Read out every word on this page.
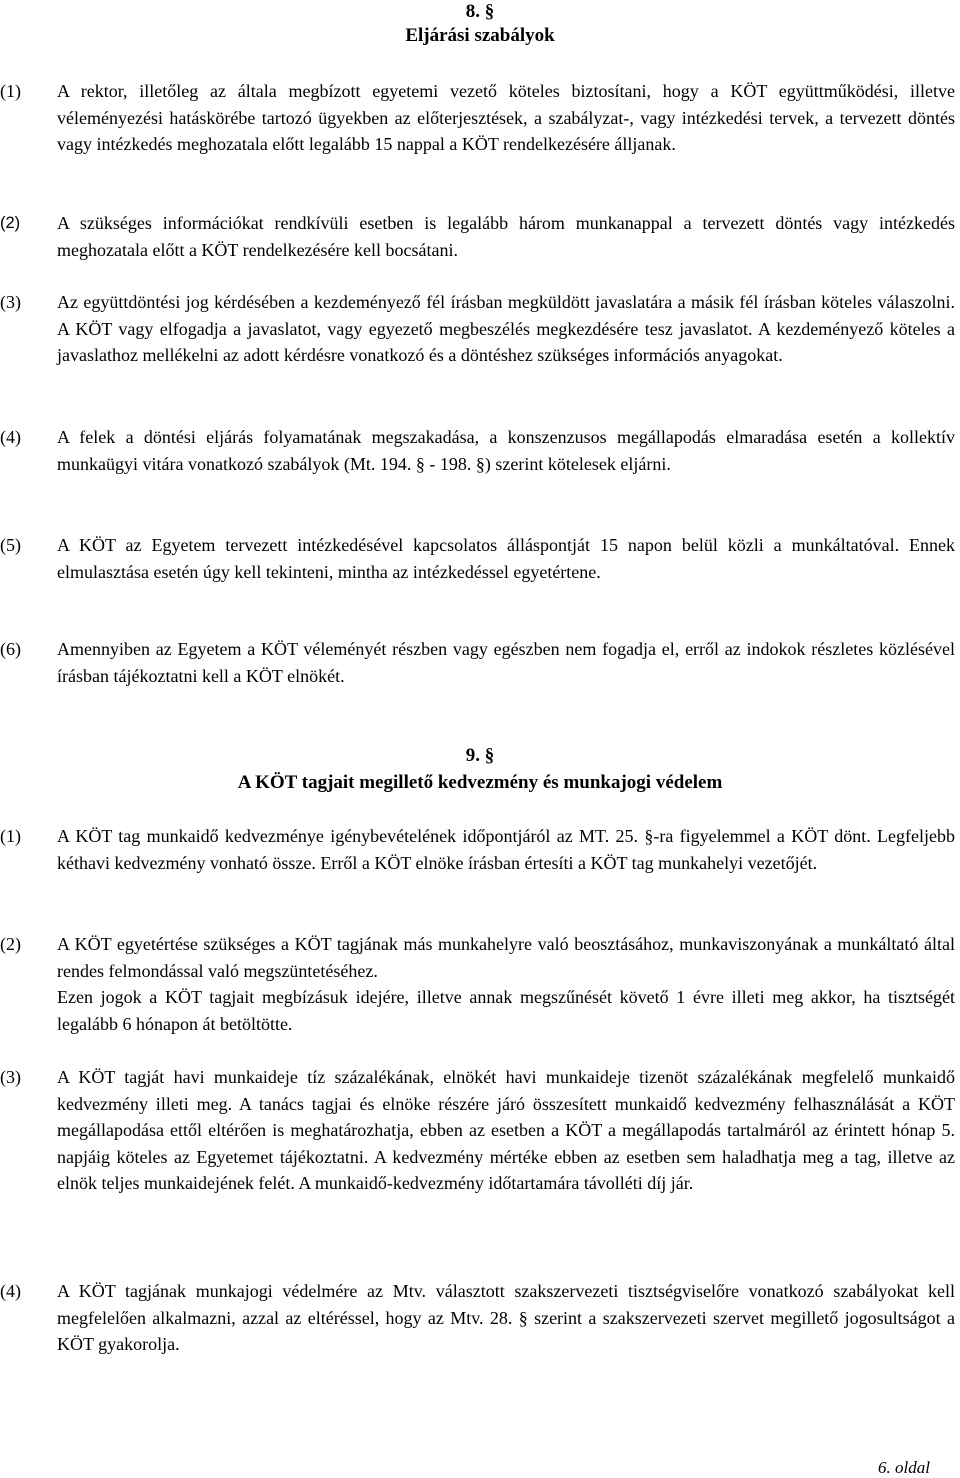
8. §
Eljárási szabályok
(1) A rektor, illetőleg az általa megbízott egyetemi vezető köteles biztosítani, hogy a KÖT együttműködési, illetve véleményezési hatáskörébe tartozó ügyekben az előterjesztések, a szabályzat-, vagy intézkedési tervek, a tervezett döntés vagy intézkedés meghozatala előtt legalább 15 nappal a KÖT rendelkezésére álljanak.

(2) A szükséges információkat rendkívüli esetben is legalább három munkanappal a tervezett döntés vagy intézkedés meghozatala előtt a KÖT rendelkezésére kell bocsátani.

(3) Az együttdöntési jog kérdésében a kezdeményező fél írásban megküldött javaslatára a másik fél írásban köteles válaszolni. A KÖT vagy elfogadja a javaslatot, vagy egyezető megbeszélés megkezdésére tesz javaslatot. A kezdeményező köteles a javaslathoz mellékelni az adott kérdésre vonatkozó és a döntéshez szükséges információs anyagokat.

(4) A felek a döntési eljárás folyamatának megszakadása, a konszenzusos megállapodás elmaradása esetén a kollektív munkaügyi vitára vonatkozó szabályok (Mt. 194. § - 198. §) szerint kötelesek eljárni.

(5) A KÖT az Egyetem tervezett intézkedésével kapcsolatos álláspontját 15 napon belül közli a munkáltatóval. Ennek elmulasztása esetén úgy kell tekinteni, mintha az intézkedéssel egyetértene.

(6) Amennyiben az Egyetem a KÖT véleményét részben vagy egészben nem fogadja el, erről az indokok részletes közlésével írásban tájékoztatni kell a KÖT elnökét.

9. §
A KÖT tagjait megillető kedvezmény és munkajogi védelem
(1) A KÖT tag munkaidő kedvezménye igénybevételének időpontjáról az MT. 25. §-ra figyelemmel a KÖT dönt. Legfeljebb kéthavi kedvezmény vonható össze. Erről a KÖT elnöke írásban értesíti a KÖT tag munkahelyi vezetőjét.

(2) A KÖT egyetértése szükséges a KÖT tagjának más munkahelyre való beosztásához, munkaviszonyának a munkáltató által rendes felmondással való megszüntetéséhez.

Ezen jogok a KÖT tagjait megbízásuk idejére, illetve annak megszűnését követő 1 évre illeti meg akkor, ha tisztségét legalább 6 hónapon át betöltötte.

(3) A KÖT tagját havi munkaideje tíz százalékának, elnökét havi munkaideje tizenöt százalékának megfelelő munkaidő kedvezmény illeti meg. A tanács tagjai és elnöke részére járó összesített munkaidő kedvezmény felhasználását a KÖT megállapodása ettől eltérően is meghatározhatja, ebben az esetben a KÖT a megállapodás tartalmáról az érintett hónap 5. napjáig köteles az Egyetemet tájékoztatni. A kedvezmény mértéke ebben az esetben sem haladhatja meg a tag, illetve az elnök teljes munkaidejének felét. A munkaidő-kedvezmény időtartamára távolléti díj jár.

(4) A KÖT tagjának munkajogi védelmére az Mtv. választott szakszervezeti tisztségviselőre vonatkozó szabályokat kell megfelelően alkalmazni, azzal az eltéréssel, hogy az Mtv. 28. § szerint a szakszervezeti szervet megillető jogosultságot a KÖT gyakorolja.

6. oldal
